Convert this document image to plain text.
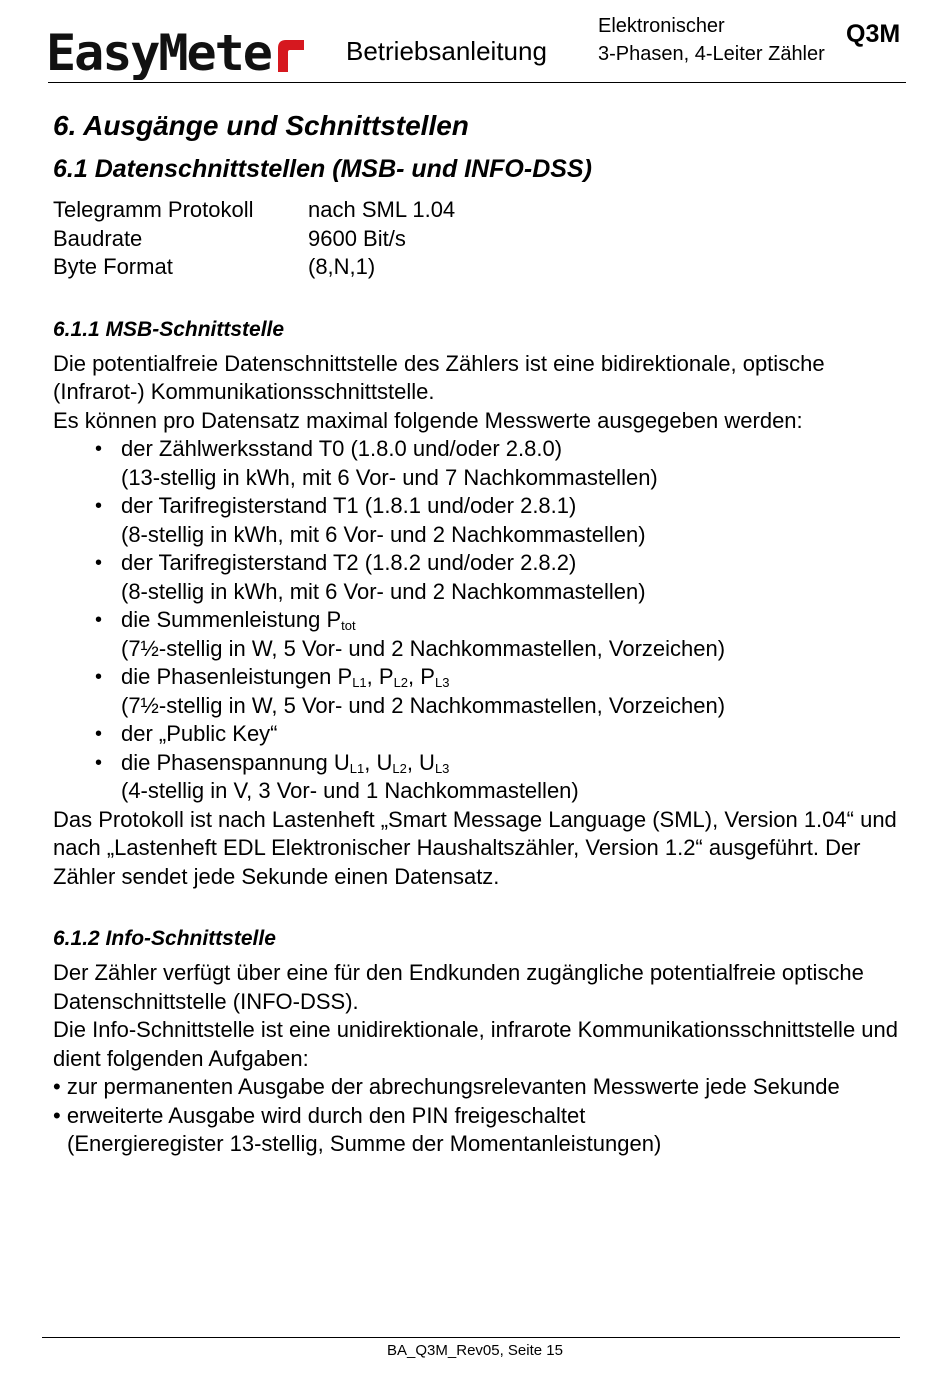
EasyMete	Betriebsanleitung
Elektronischer
3-Phasen, 4-Leiter Zähler
Q3M
6. Ausgänge und Schnittstellen
6.1 Datenschnittstellen (MSB- und INFO-DSS)
Telegramm Protokoll	nach SML 1.04
Baudrate	9600 Bit/s
Byte Format	(8,N,1)
6.1.1 MSB-Schnittstelle

Die potentialfreie Datenschnittstelle des Zählers ist eine bidirektionale, optische (Infrarot-) Kommunikationsschnittstelle.

Es können pro Datensatz maximal folgende Messwerte ausgegeben werden:

• der Zählwerksstand T0 (1.8.0 und/oder 2.8.0)
(13-stellig in kWh, mit 6 Vor- und 7 Nachkommastellen)
• der Tarifregisterstand T1 (1.8.1 und/oder 2.8.1)
(8-stellig in kWh, mit 6 Vor- und 2 Nachkommastellen)
• der Tarifregisterstand T2 (1.8.2 und/oder 2.8.2)
(8-stellig in kWh, mit 6 Vor- und 2 Nachkommastellen)
• die Summenleistung $P_{tot}$
(7½-stellig in W, 5 Vor- und 2 Nachkommastellen, Vorzeichen)
• die Phasenleistungen $P_{L1}$, $P_{L2}$, $P_{L3}$
(7½-stellig in W, 5 Vor- und 2 Nachkommastellen, Vorzeichen)
• der „Public Key“
• die Phasenspannung $U_{L1}$, $U_{L2}$, $U_{L3}$
(4-stellig in V, 3 Vor- und 1 Nachkommastellen)

Das Protokoll ist nach Lastenheft „Smart Message Language (SML), Version 1.04“ und nach „Lastenheft EDL Elektronischer Haushaltszähler, Version 1.2“ ausgeführt. Der Zähler sendet jede Sekunde einen Datensatz.

6.1.2 Info-Schnittstelle

Der Zähler verfügt über eine für den Endkunden zugängliche potentialfreie optische Datenschnittstelle (INFO-DSS).

Die Info-Schnittstelle ist eine unidirektionale, infrarote Kommunikationsschnittstelle und dient folgenden Aufgaben:

• zur permanenten Ausgabe der abrechungsrelevanten Messwerte jede Sekunde

• erweiterte Ausgabe wird durch den PIN freigeschaltet

(Energieregister 13-stellig, Summe der Momentanleistungen)

BA_Q3M_Rev05, Seite 15
